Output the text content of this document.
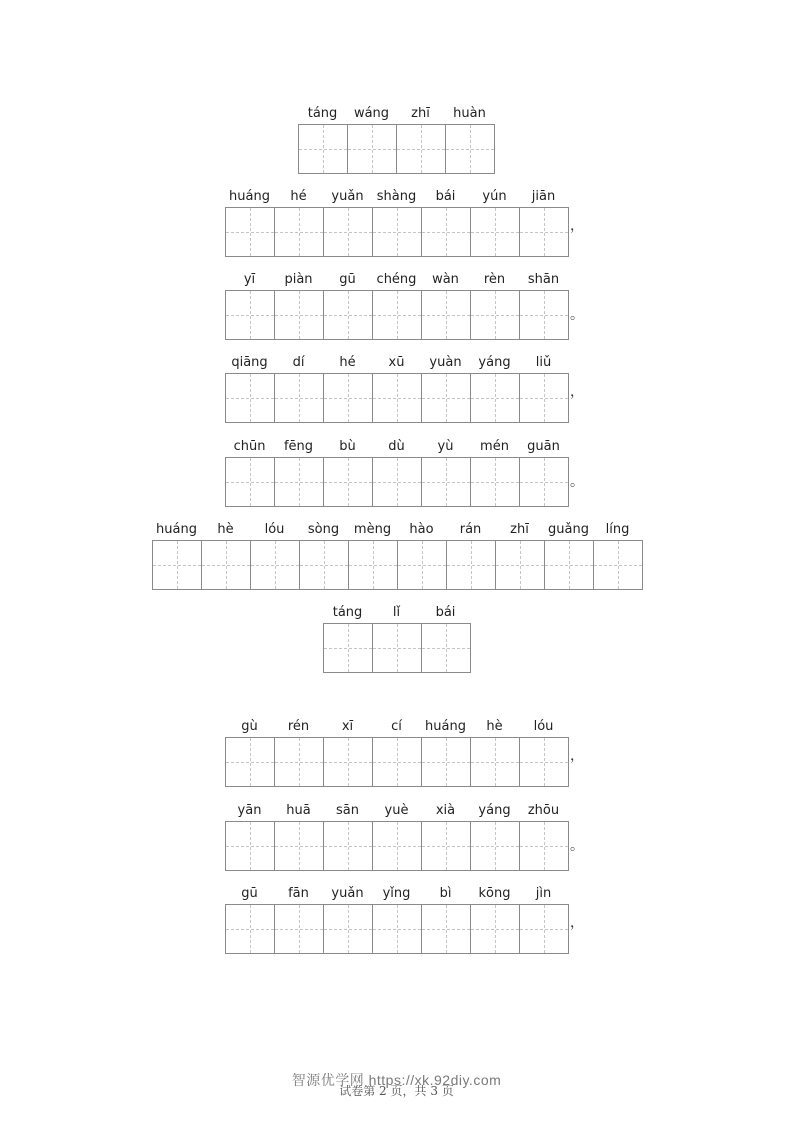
táng	wáng	zhī	huàn
huáng	hé	yuǎn	shàng	bái	yún	jiān
，
yī	piàn	gū	chéng	wàn	rèn	shān
。
qiāng	dí	hé	xū	yuàn	yáng	liǔ
，
chūn	fēng	bù	dù	yù	mén	guān
。
huáng	hè	lóu	sòng	mèng	hào	rán	zhī	guǎng	líng
táng	lǐ	bái
gù	rén	xī	cí	huáng	hè	lóu
，
yān	huā	sān	yuè	xià	yáng	zhōu
。
gū	fān	yuǎn	yǐng	bì	kōng	jìn
，
试卷第 2 页，共 3 页
智源优学网 https://xk.92diy.com
